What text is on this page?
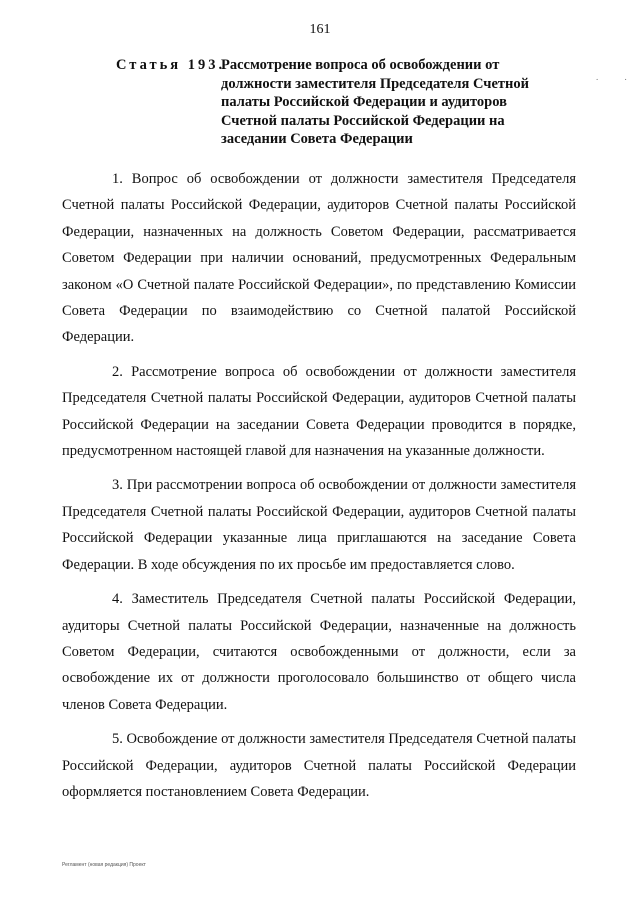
161
. .
Статья 193.
Рассмотрение вопроса об освобождении от должности заместителя Председателя Счетной палаты Российской Федерации и аудиторов Счетной палаты Российской Федерации на заседании Совета Федерации

1. Вопрос об освобождении от должности заместителя Председателя Счетной палаты Российской Федерации, аудиторов Счетной палаты Российской Федерации, назначенных на должность Советом Федерации, рассматривается Советом Федерации при наличии оснований, предусмотренных Федеральным законом «О Счетной палате Российской Федерации», по представлению Комиссии Совета Федерации по взаимодействию со Счетной палатой Российской Федерации.

2. Рассмотрение вопроса об освобождении от должности заместителя Председателя Счетной палаты Российской Федерации, аудиторов Счетной палаты Российской Федерации на заседании Совета Федерации проводится в порядке, предусмотренном настоящей главой для назначения на указанные должности.

3. При рассмотрении вопроса об освобождении от должности заместителя Председателя Счетной палаты Российской Федерации, аудиторов Счетной палаты Российской Федерации указанные лица приглашаются на заседание Совета Федерации. В ходе обсуждения по их просьбе им предоставляется слово.

4. Заместитель Председателя Счетной палаты Российской Федерации, аудиторы Счетной палаты Российской Федерации, назначенные на должность Советом Федерации, считаются освобожденными от должности, если за освобождение их от должности проголосовало большинство от общего числа членов Совета Федерации.

5. Освобождение от должности заместителя Председателя Счетной палаты Российской Федерации, аудиторов Счетной палаты Российской Федерации оформляется постановлением Совета Федерации.

Регламент (новая редакция) Проект
